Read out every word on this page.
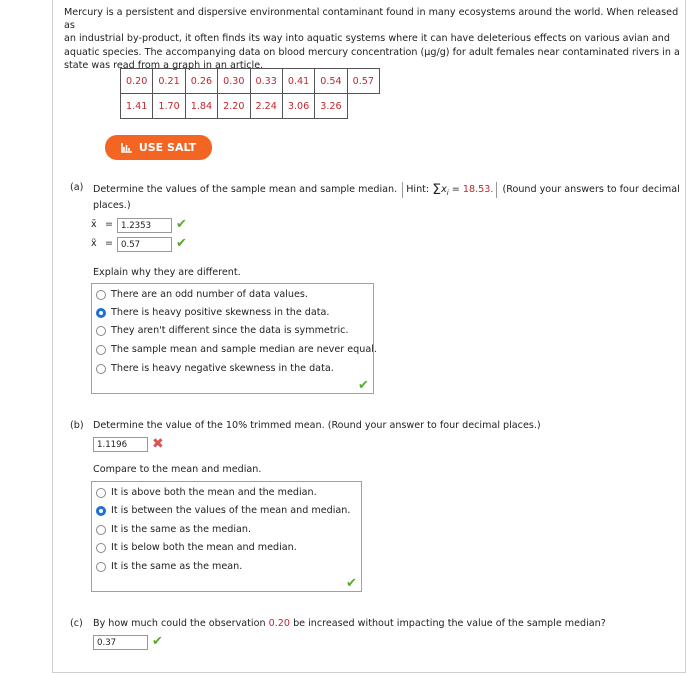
Mercury is a persistent and dispersive environmental contaminant found in many ecosystems around the world. When released as
an industrial by-product, it often finds its way into aquatic systems where it can have deleterious effects on various avian and
aquatic species. The accompanying data on blood mercury concentration (µg/g) for adult females near contaminated rivers in a
state was read from a graph in an article.
0.20	0.21	0.26	0.30	0.33	0.41	0.54	0.57
1.41	1.70	1.84	2.20	2.24	3.06	3.26	
USE SALT
(a) Determine the values of the sample mean and sample median. Hint: $\Sigma x_i = 18.53$. (Round your answers to four decimal
places.)
x̄ = 1.2353	✔
x̃ = 0.57	✔
Explain why they are different.
There are an odd number of data values.
There is heavy positive skewness in the data.
They aren't different since the data is symmetric.
The sample mean and sample median are never equal.
There is heavy negative skewness in the data.
✔
(b) Determine the value of the 10% trimmed mean. (Round your answer to four decimal places.)
1.1196	✖
Compare to the mean and median.
It is above both the mean and the median.
It is between the values of the mean and median.
It is the same as the median.
It is below both the mean and median.
It is the same as the mean.
✔
(c) By how much could the observation 0.20 be increased without impacting the value of the sample median?
0.37	✔
